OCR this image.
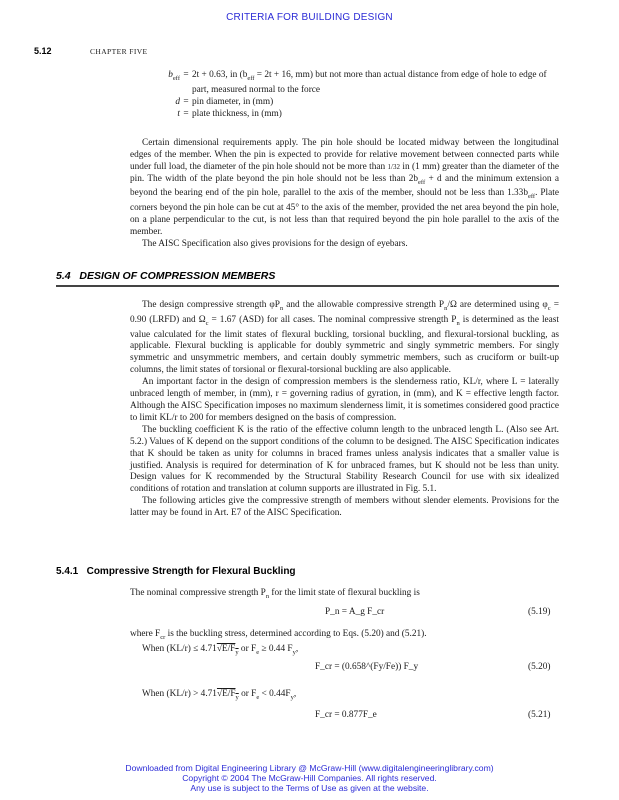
CRITERIA FOR BUILDING DESIGN
5.12	CHAPTER FIVE
$b_{eff} = 2t + 0.63$, in ($b_{eff} = 2t + 16$, mm) but not more than actual distance from edge of hole to edge of part, measured normal to the force
d = pin diameter, in (mm)
t = plate thickness, in (mm)

Certain dimensional requirements apply. The pin hole should be located midway between the longitudinal edges of the member. When the pin is expected to provide for relative movement between connected parts while under full load, the diameter of the pin hole should not be more than 1/32 in (1 mm) greater than the diameter of the pin. The width of the plate beyond the pin hole should not be less than $2b_{eff} + d$ and the minimum extension a beyond the bearing end of the pin hole, parallel to the axis of the member, should not be less than $1.33b_{eff}$. Plate corners beyond the pin hole can be cut at 45° to the axis of the member, provided the net area beyond the pin hole, on a plane perpendicular to the cut, is not less than that required beyond the pin hole parallel to the axis of the member.

The AISC Specification also gives provisions for the design of eyebars.

5.4 DESIGN OF COMPRESSION MEMBERS

The design compressive strength $\varphi P_n$ and the allowable compressive strength $P_n/\Omega$ are determined using $\varphi_c = 0.90$ (LRFD) and $\Omega_c = 1.67$ (ASD) for all cases. The nominal compressive strength $P_n$ is determined as the least value calculated for the limit states of flexural buckling, torsional buckling, and flexural-torsional buckling, as applicable. Flexural buckling is applicable for doubly symmetric and singly symmetric members. For singly symmetric and unsymmetric members, and certain doubly symmetric members, such as cruciform or built-up columns, the limit states of torsional or flexural-torsional buckling are also applicable.

An important factor in the design of compression members is the slenderness ratio, KL/r, where L = laterally unbraced length of member, in (mm), r = governing radius of gyration, in (mm), and K = effective length factor. Although the AISC Specification imposes no maximum slenderness limit, it is sometimes considered good practice to limit KL/r to 200 for members designed on the basis of compression.

The buckling coefficient K is the ratio of the effective column length to the unbraced length L. (Also see Art. 5.2.) Values of K depend on the support conditions of the column to be designed. The AISC Specification indicates that K should be taken as unity for columns in braced frames unless analysis indicates that a smaller value is justified. Analysis is required for determination of K for unbraced frames, but K should not be less than unity. Design values for K recommended by the Structural Stability Research Council for use with six idealized conditions of rotation and translation at column supports are illustrated in Fig. 5.1.

The following articles give the compressive strength of members without slender elements. Provisions for the latter may be found in Art. E7 of the AISC Specification.

5.4.1 Compressive Strength for Flexural Buckling

The nominal compressive strength $P_n$ for the limit state of flexural buckling is

P_n = A_g F_cr	(5.19)

where $F_{cr}$ is the buckling stress, determined according to Eqs. (5.20) and (5.21).

When $(KL/r) \le 4.71√E/F_y$ or $F_e \ge 0.44$ $F_y$,

F_cr = (0.658^(Fy/Fe)) F_y	(5.20)

When $(KL/r) > 4.71√E/F_y$ or $F_e < 0.44F_y$,

F_cr = 0.877F_e	(5.21)
Downloaded from Digital Engineering Library @ McGraw-Hill (www.digitalengineeringlibrary.com)
Copyright © 2004 The McGraw-Hill Companies. All rights reserved.
Any use is subject to the Terms of Use as given at the website.
